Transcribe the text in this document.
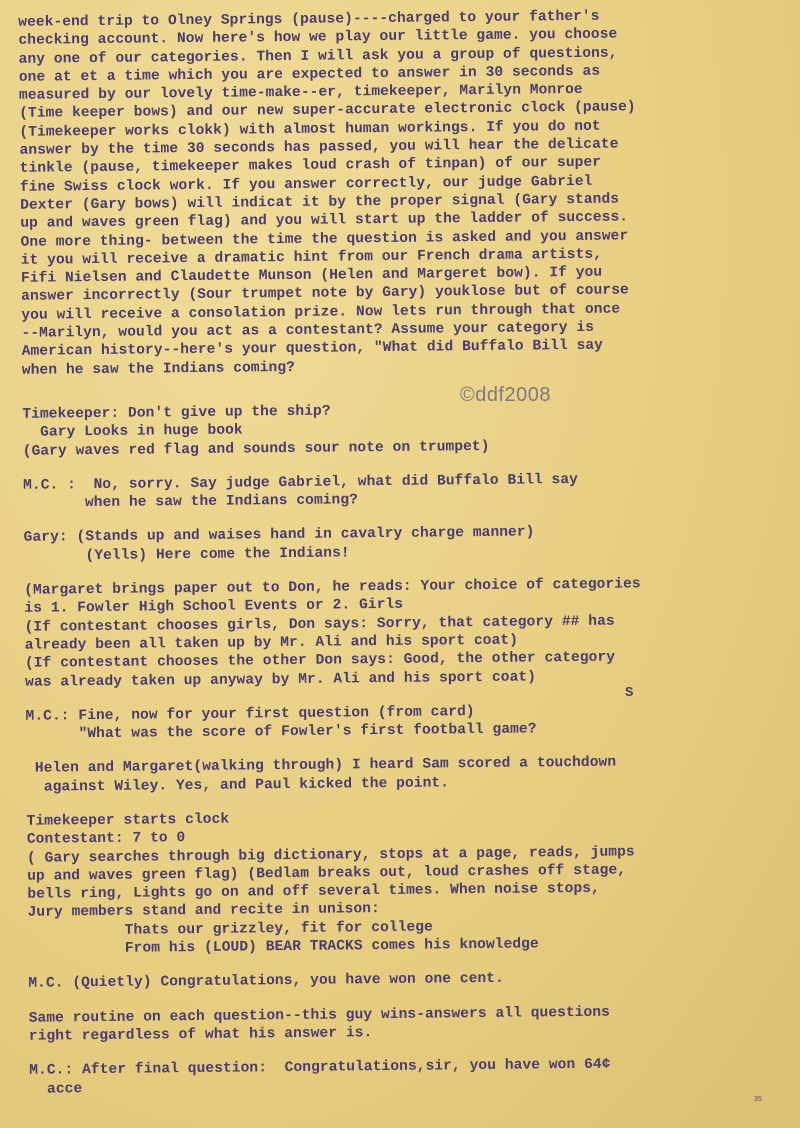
week-end trip to Olney Springs (pause)----charged to your father's
checking account. Now here's how we play our little game. you choose
any one of our categories. Then I will ask you a group of questions,
one at et a time which you are expected to answer in 30 seconds as
measured by our lovely time-make--er, timekeeper, Marilyn Monroe
(Time keeper bows) and our new super-accurate electronic clock (pause)
(Timekeeper works clokk) with almost human workings. If you do not
answer by the time 30 seconds has passed, you will hear the delicate
tinkle (pause, timekeeper makes loud crash of tinpan) of our super
fine Swiss clock work. If you answer correctly, our judge Gabriel
Dexter (Gary bows) will indicat it by the proper signal (Gary stands
up and waves green flag) and you will start up the ladder of success.
One more thing- between the time the question is asked and you answer
it you will receive a dramatic hint from our French drama artists,
Fifi Nielsen and Claudette Munson (Helen and Margeret bow). If you
answer incorrectly (Sour trumpet note by Gary) youklose but of course
you will receive a consolation prize. Now lets run through that once
--Marilyn, would you act as a contestant? Assume your category is
American history--here's your question, "What did Buffalo Bill say
when he saw the Indians coming?
Timekeeper: Don't give up the ship?
Gary Looks in huge book
(Gary waves red flag and sounds sour note on trumpet)
M.C. :  No, sorry. Say judge Gabriel, what did Buffalo Bill say
when he saw the Indians coming?
Gary: (Stands up and waises hand in cavalry charge manner)
(Yells) Here come the Indians!
(Margaret brings paper out to Don, he reads: Your choice of categories
is 1. Fowler High School Events or 2. Girls
(If contestant chooses girls, Don says: Sorry, that category ## has
already been all taken up by Mr. Ali and his sport coat)
(If contestant chooses the other Don says: Good, the other category
was already taken up anyway by Mr. Ali and his sport coat)
M.C.: Fine, now for your first question (from card)
"What was the score of Fowler's first football game?
Helen and Margaret(walking through) I heard Sam scored a touchdown
against Wiley. Yes, and Paul kicked the point.
Timekeeper starts clock
Contestant: 7 to 0
( Gary searches through big dictionary, stops at a page, reads, jumps
up and waves green flag) (Bedlam breaks out, loud crashes off stage,
bells ring, Lights go on and off several times. When noise stops,
Jury members stand and recite in unison:
Thats our grizzley, fit for college
From his (LOUD) BEAR TRACKS comes his knowledge
M.C. (Quietly) Congratulations, you have won one cent.
Same routine on each question--this guy wins-answers all questions
right regardless of what his answer is.
M.C.: After final question:  Congratulations,sir, you have won 64¢
acce
©ddf2008
S
35
